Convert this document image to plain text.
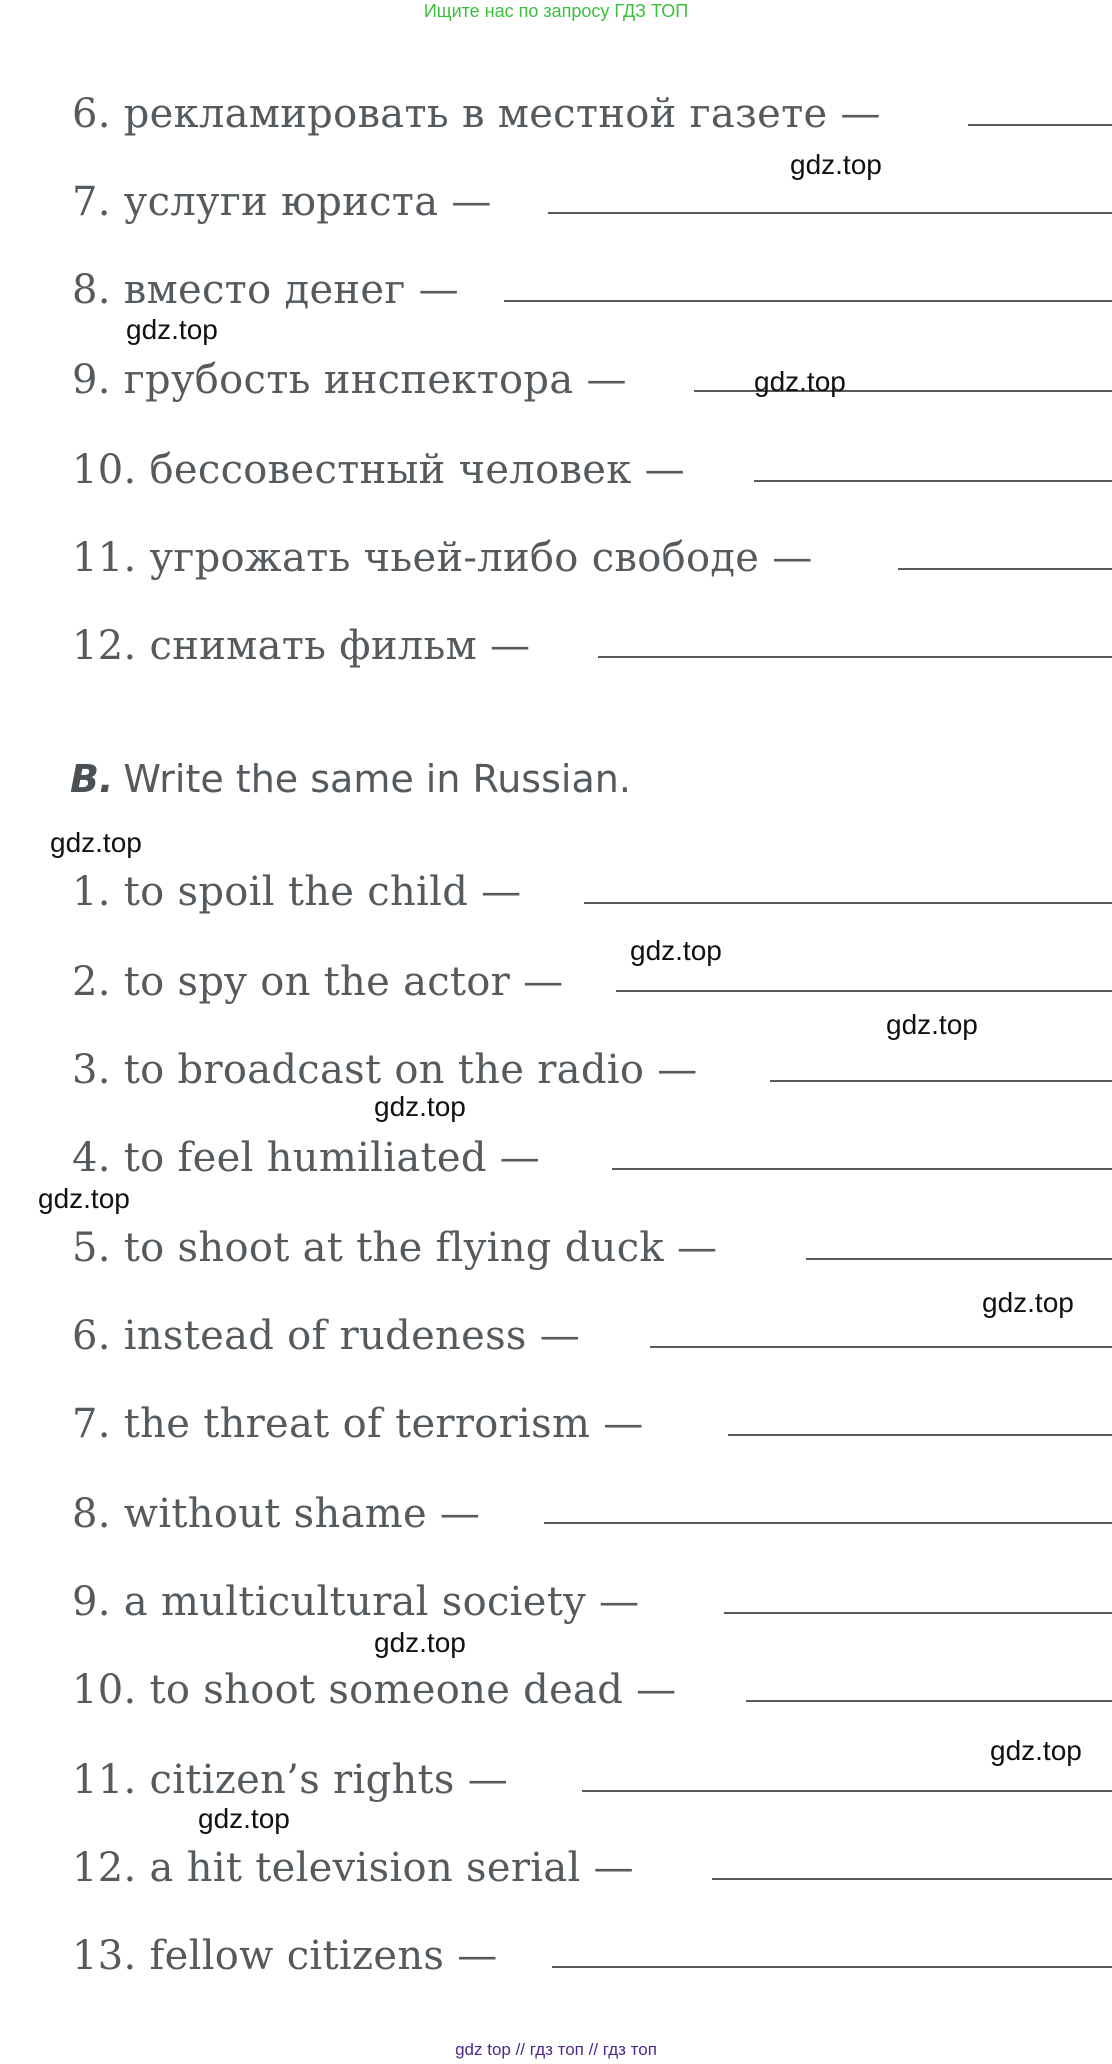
Ищите нас по запросу ГДЗ ТОП
6. рекламировать в местной газете —
7. услуги юриста —
8. вместо денег —
9. грубость инспектора —
10. бессовестный человек —
11. угрожать чьей-либо свободе —
12. снимать фильм —
B. Write the same in Russian.
1. to spoil the child —
2. to spy on the actor —
3. to broadcast on the radio —
4. to feel humiliated —
5. to shoot at the flying duck —
6. instead of rudeness —
7. the threat of terrorism —
8. without shame —
9. a multicultural society —
10. to shoot someone dead —
11. citizen’s rights —
12. a hit television serial —
13. fellow citizens —
gdz.top
gdz.top
gdz.top
gdz.top
gdz.top
gdz.top
gdz.top
gdz.top
gdz.top
gdz.top
gdz.top
gdz.top
gdz top // гдз топ // гдз топ
